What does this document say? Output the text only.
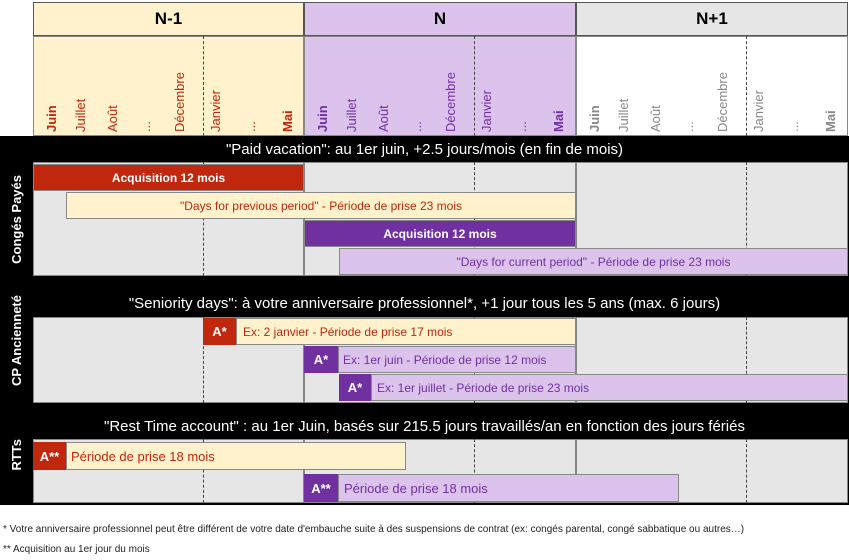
N-1	N	N+1
Juin Juillet Août ... Décembre Janvier ... Mai Juin Juillet Août ... Décembre Janvier ... Mai Juin Juillet Août ... Décembre Janvier ... Mai
"Paid vacation": au 1er juin, +2.5 jours/mois (en fin de mois)
Congés Payés	Acquisition 12 mois
"Days for previous period" - Période de prise 23 mois
Acquisition 12 mois
"Days for current period" - Période de prise 23 mois
"Seniority days": à votre anniversaire professionnel*, +1 jour tous les 5 ans (max. 6 jours)
CP Ancienneté	A*	Ex: 2 janvier - Période de prise 17 mois
A*	Ex: 1er juin - Période de prise 12 mois
A*	Ex: 1er juillet - Période de prise 23 mois
"Rest Time account" : au 1er Juin, basés sur 215.5 jours travaillés/an en fonction des jours fériés
RTTs	A** Période de prise 18 mois
A**	Période de prise 18 mois
* Votre anniversaire professionnel peut être différent de votre date d'embauche suite à des suspensions de contrat (ex: congés parental, congé sabbatique ou autres…)
** Acquisition au 1er jour du mois
